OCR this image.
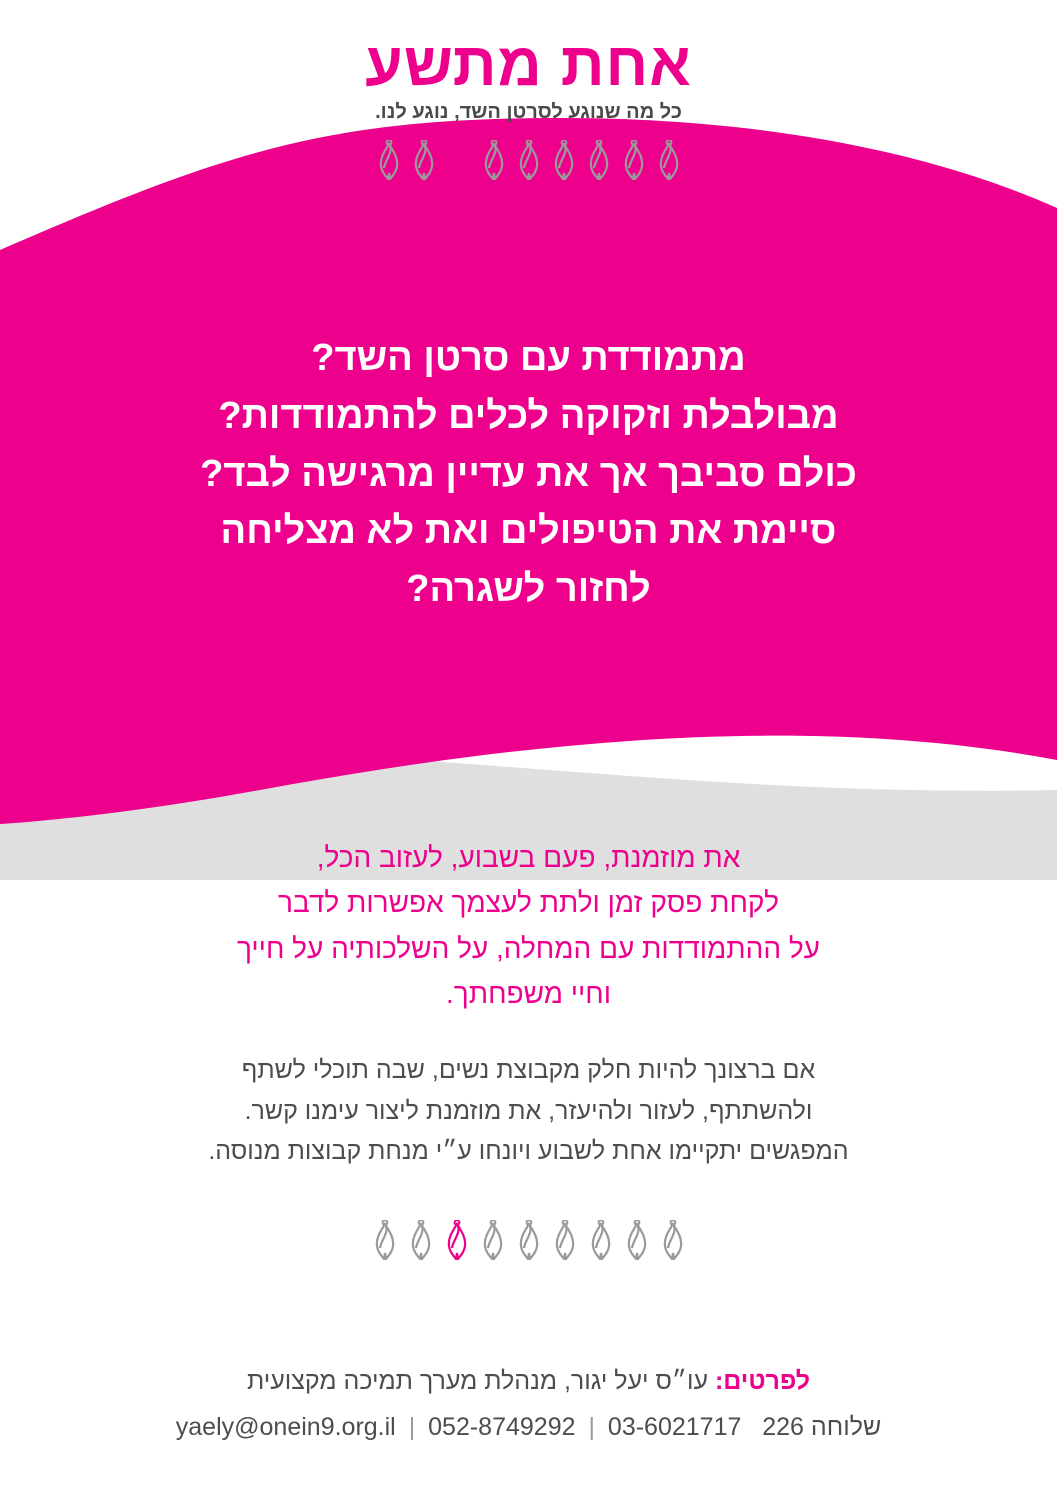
אחת מתשע
כל מה שנוגע לסרטן השד, נוגע לנו.
מתמודדת עם סרטן השד?
מבולבלת וזקוקה לכלים להתמודדות?
כולם סביבך אך את עדיין מרגישה לבד?
סיימת את הטיפולים ואת לא מצליחה
לחזור לשגרה?
את מוזמנת, פעם בשבוע, לעזוב הכל,
לקחת פסק זמן ולתת לעצמך אפשרות לדבר
על ההתמודדות עם המחלה, על השלכותיה על חייך
וחיי משפחתך.
אם ברצונך להיות חלק מקבוצת נשים, שבה תוכלי לשתף
ולהשתתף, לעזור ולהיעזר, את מוזמנת ליצור עימנו קשר.
המפגשים יתקיימו אחת לשבוע ויונחו ע״י מנחת קבוצות מנוסה.
לפרטים: עו״ס יעל יגור, מנהלת מערך תמיכה מקצועית
yaely@onein9.org.il |	שלוחה 226   03-6021717 | 052-8749292
